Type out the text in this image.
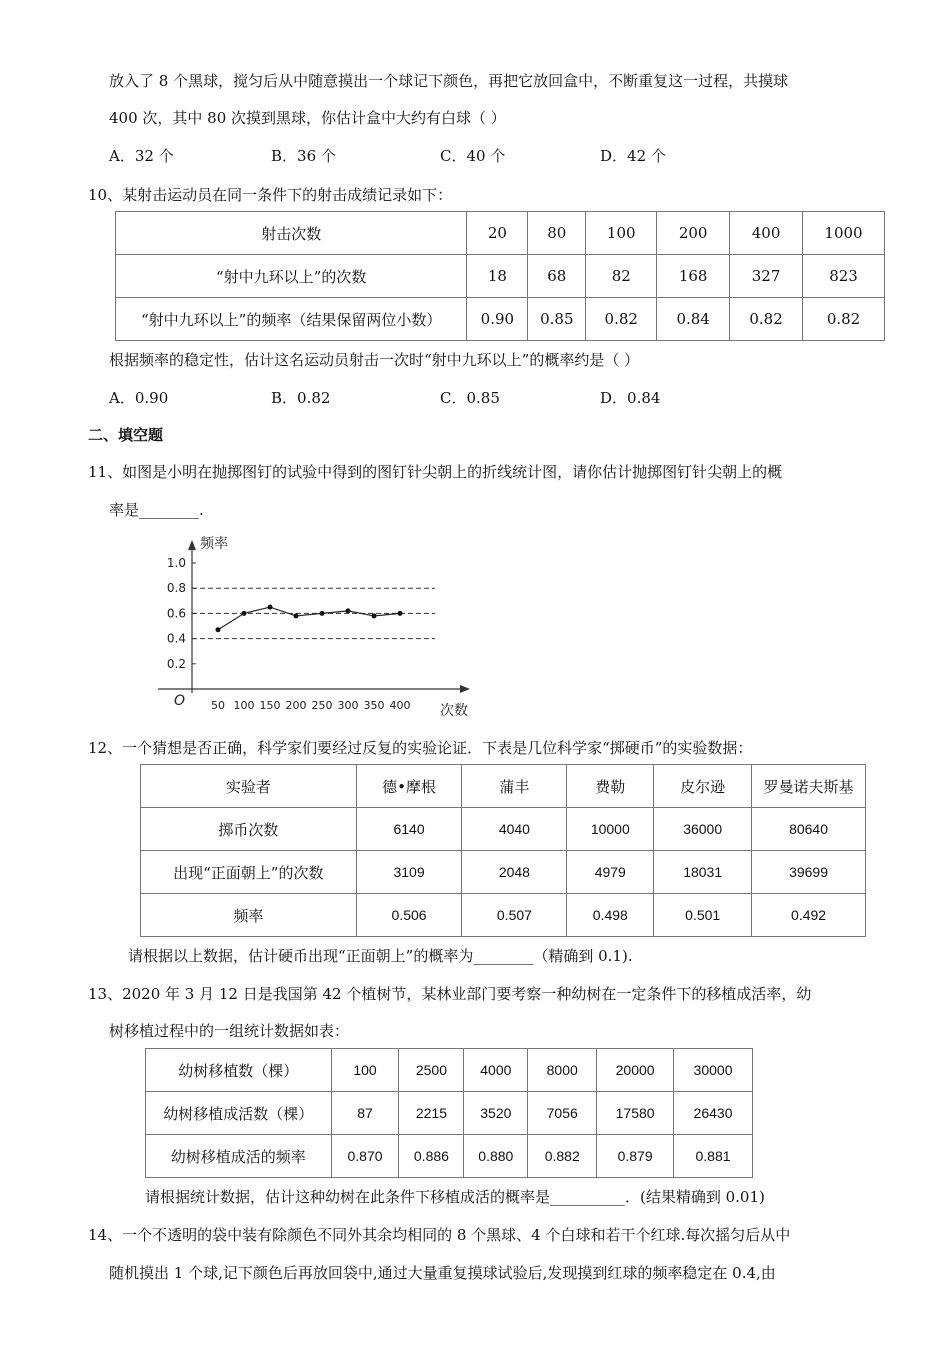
放入了 8 个黑球，搅匀后从中随意摸出一个球记下颜色，再把它放回盒中，不断重复这一过程，共摸球
400 次，其中 80 次摸到黑球，你估计盒中大约有白球（ ）
A．32 个	B．36 个	C．40 个	D．42 个
10、某射击运动员在同一条件下的射击成绩记录如下：
射击次数	20	80	100	200	400	1000
“射中九环以上”的次数	18	68	82	168	327	823
“射中九环以上”的频率（结果保留两位小数）	0.90	0.85	0.82	0.84	0.82	0.82
根据频率的稳定性，估计这名运动员射击一次时“射中九环以上”的概率约是（ ）
A．0.90	B．0.82	C．0.85	D．0.84
二、填空题
11、如图是小明在抛掷图钉的试验中得到的图钉针尖朝上的折线统计图，请你估计抛掷图钉针尖朝上的概
率是________.
1.0
0.8
0.6
0.4
0.2
50 100 150 200 250 300 350 400
频率
次数
O
12、一个猜想是否正确，科学家们要经过反复的实验论证．下表是几位科学家“掷硬币”的实验数据：
实验者	德•摩根	蒲丰	费勒	皮尔逊	罗曼诺夫斯基
掷币次数	6140	4040	10000	36000	80640
出现“正面朝上”的次数	3109	2048	4979	18031	39699
频率	0.506	0.507	0.498	0.501	0.492
请根据以上数据，估计硬币出现“正面朝上”的概率为________（精确到 0.1).
13、2020 年 3 月 12 日是我国第 42 个植树节，某林业部门要考察一种幼树在一定条件下的移植成活率，幼
树移植过程中的一组统计数据如表：
幼树移植数（棵）	100	2500	4000	8000	20000	30000
幼树移植成活数（棵）	87	2215	3520	7056	17580	26430
幼树移植成活的频率	0.870	0.886	0.880	0.882	0.879	0.881
请根据统计数据，估计这种幼树在此条件下移植成活的概率是__________．(结果精确到 0.01)
14、一个不透明的袋中装有除颜色不同外其余均相同的 8 个黑球、4 个白球和若干个红球.每次摇匀后从中
随机摸出 1 个球,记下颜色后再放回袋中,通过大量重复摸球试验后,发现摸到红球的频率稳定在 0.4,由
